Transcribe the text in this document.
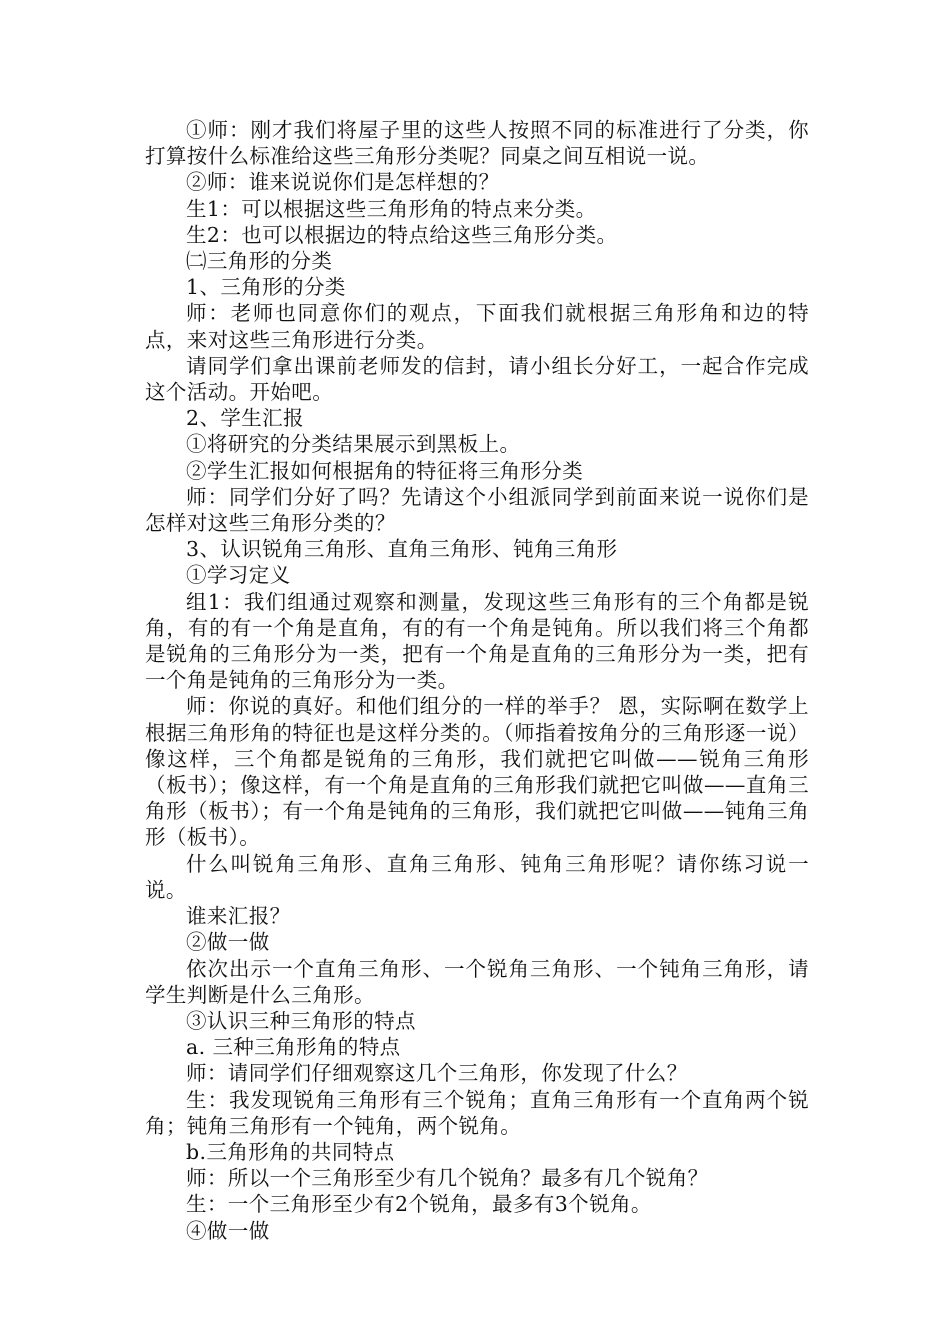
①师：刚才我们将屋子里的这些人按照不同的标准进行了分类，你打算按什么标准给这些三角形分类呢？同桌之间互相说一说。

②师：谁来说说你们是怎样想的？

生1：可以根据这些三角形角的特点来分类。

生2：也可以根据边的特点给这些三角形分类。

㈡三角形的分类

1、三角形的分类

师：老师也同意你们的观点，下面我们就根据三角形角和边的特点，来对这些三角形进行分类。

请同学们拿出课前老师发的信封，请小组长分好工，一起合作完成这个活动。开始吧。

2、学生汇报

①将研究的分类结果展示到黑板上。

②学生汇报如何根据角的特征将三角形分类

师：同学们分好了吗？先请这个小组派同学到前面来说一说你们是怎样对这些三角形分类的？

3、认识锐角三角形、直角三角形、钝角三角形

①学习定义

组1：我们组通过观察和测量，发现这些三角形有的三个角都是锐角，有的有一个角是直角，有的有一个角是钝角。所以我们将三个角都是锐角的三角形分为一类，把有一个角是直角的三角形分为一类，把有一个角是钝角的三角形分为一类。

师：你说的真好。和他们组分的一样的举手？ 恩，实际啊在数学上根据三角形角的特征也是这样分类的。（师指着按角分的三角形逐一说）像这样，三个角都是锐角的三角形，我们就把它叫做——锐角三角形（板书）；像这样，有一个角是直角的三角形我们就把它叫做——直角三角形（板书）；有一个角是钝角的三角形，我们就把它叫做——钝角三角形（板书）。

什么叫锐角三角形、直角三角形、钝角三角形呢？请你练习说一说。

谁来汇报？

②做一做

依次出示一个直角三角形、一个锐角三角形、一个钝角三角形，请学生判断是什么三角形。

③认识三种三角形的特点

a. 三种三角形角的特点

师：请同学们仔细观察这几个三角形，你发现了什么？

生：我发现锐角三角形有三个锐角；直角三角形有一个直角两个锐角；钝角三角形有一个钝角，两个锐角。

b.三角形角的共同特点

师：所以一个三角形至少有几个锐角？最多有几个锐角？

生：一个三角形至少有2个锐角，最多有3个锐角。

④做一做
